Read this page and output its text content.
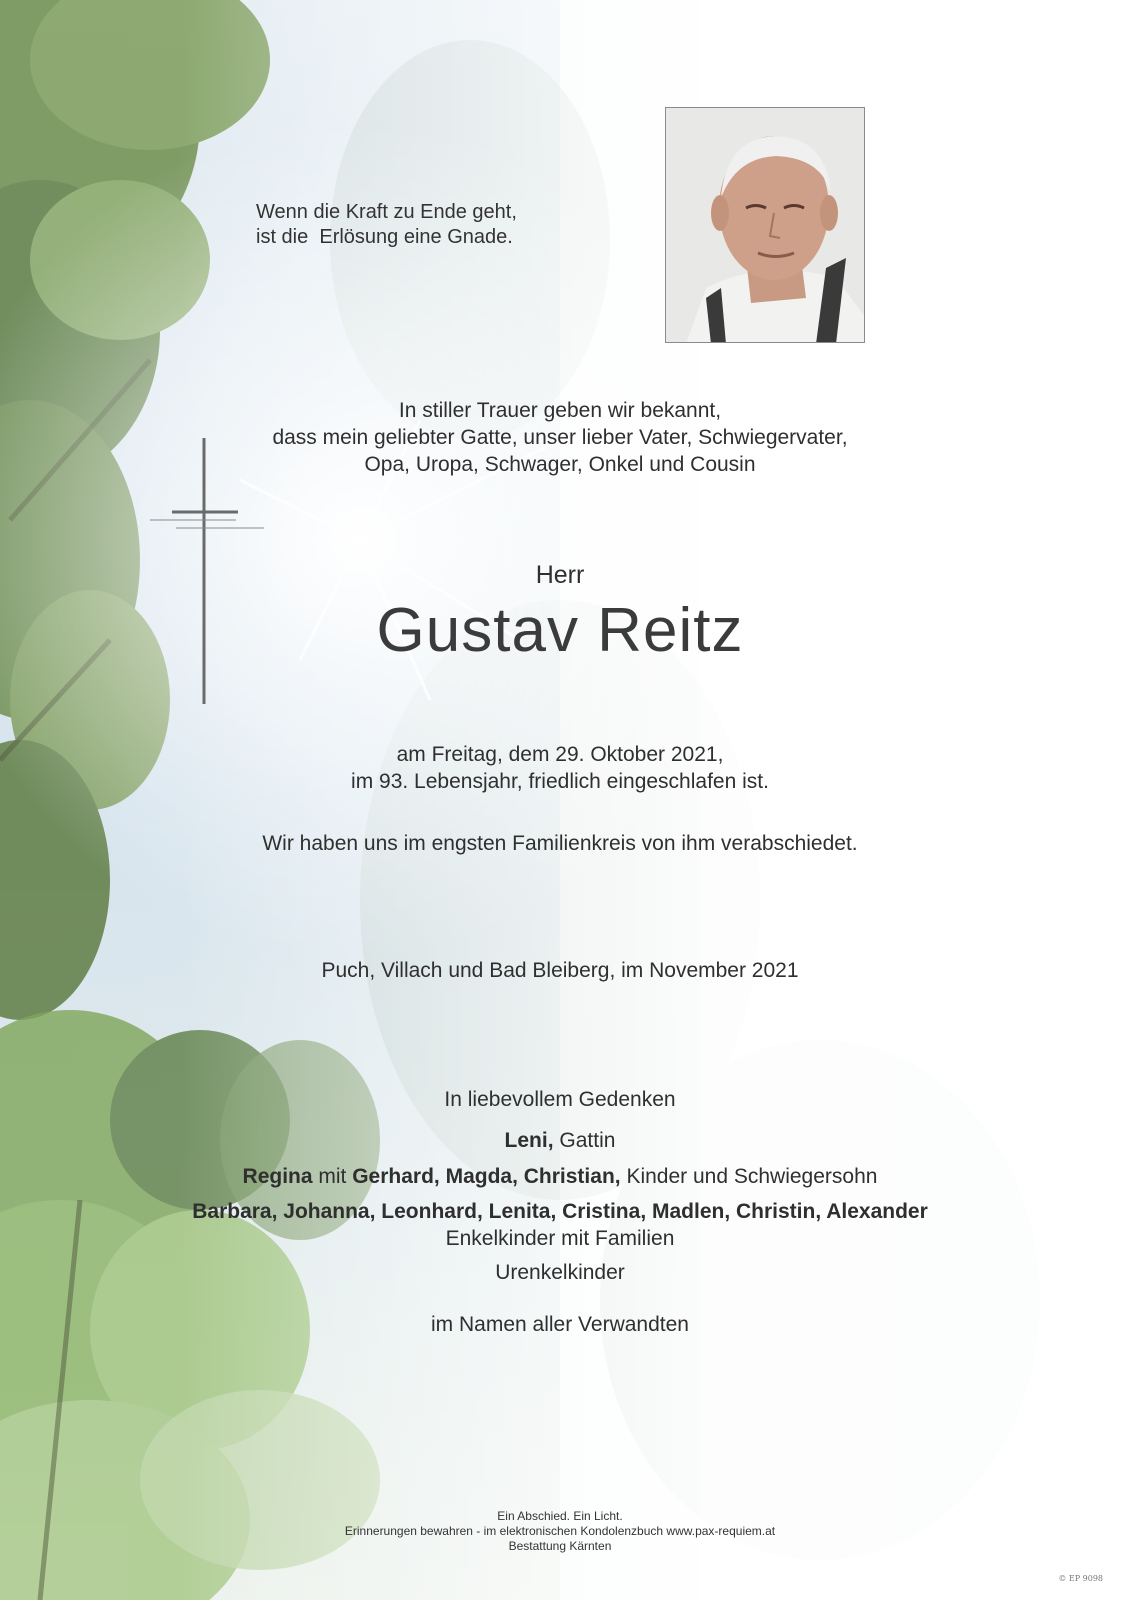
Wenn die Kraft zu Ende geht,
ist die  Erlösung eine Gnade.
In stiller Trauer geben wir bekannt,
dass mein geliebter Gatte, unser lieber Vater, Schwiegervater,
Opa, Uropa, Schwager, Onkel und Cousin
Herr
Gustav Reitz
am Freitag, dem 29. Oktober 2021,
im 93. Lebensjahr, friedlich eingeschlafen ist.
Wir haben uns im engsten Familienkreis von ihm verabschiedet.
Puch, Villach und Bad Bleiberg, im November 2021
In liebevollem Gedenken
Leni, Gattin
Regina mit Gerhard, Magda, Christian, Kinder und Schwiegersohn
Barbara, Johanna, Leonhard, Lenita, Cristina, Madlen, Christin, Alexander
Enkelkinder mit Familien
Urenkelkinder
im Namen aller Verwandten
Ein Abschied. Ein Licht.
Erinnerungen bewahren - im elektronischen Kondolenzbuch www.pax-requiem.at
Bestattung Kärnten
© EP 9098
